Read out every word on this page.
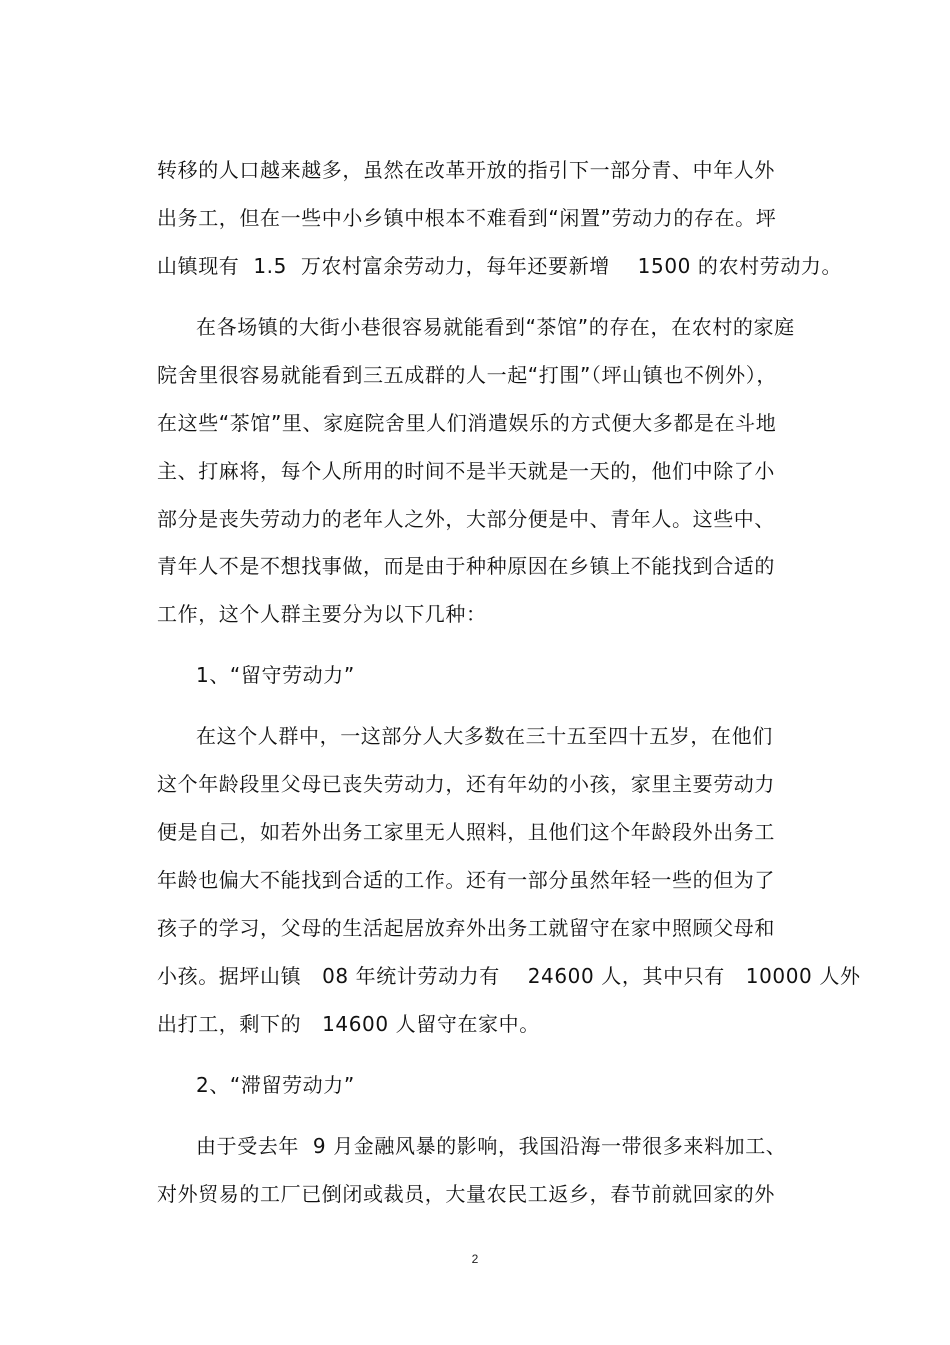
转移的人口越来越多，虽然在改革开放的指引下一部分青、中年人外
出务工，但在一些中小乡镇中根本不难看到“闲置”劳动力的存在。坪
山镇现有  1.5  万农村富余劳动力，每年还要新增    1500 的农村劳动力。
在各场镇的大街小巷很容易就能看到“茶馆”的存在，在农村的家庭
院舍里很容易就能看到三五成群的人一起“打围”（坪山镇也不例外），
在这些“茶馆”里、家庭院舍里人们消遣娱乐的方式便大多都是在斗地
主、打麻将，每个人所用的时间不是半天就是一天的，他们中除了小
部分是丧失劳动力的老年人之外，大部分便是中、青年人。这些中、
青年人不是不想找事做，而是由于种种原因在乡镇上不能找到合适的
工作，这个人群主要分为以下几种：
1、“留守劳动力”
在这个人群中，一这部分人大多数在三十五至四十五岁，在他们
这个年龄段里父母已丧失劳动力，还有年幼的小孩，家里主要劳动力
便是自己，如若外出务工家里无人照料，且他们这个年龄段外出务工
年龄也偏大不能找到合适的工作。还有一部分虽然年轻一些的但为了
孩子的学习，父母的生活起居放弃外出务工就留守在家中照顾父母和
小孩。据坪山镇   08 年统计劳动力有    24600 人，其中只有   10000 人外
出打工，剩下的   14600 人留守在家中。
2、“滞留劳动力”
由于受去年  9 月金融风暴的影响，我国沿海一带很多来料加工、
对外贸易的工厂已倒闭或裁员，大量农民工返乡，春节前就回家的外
2
